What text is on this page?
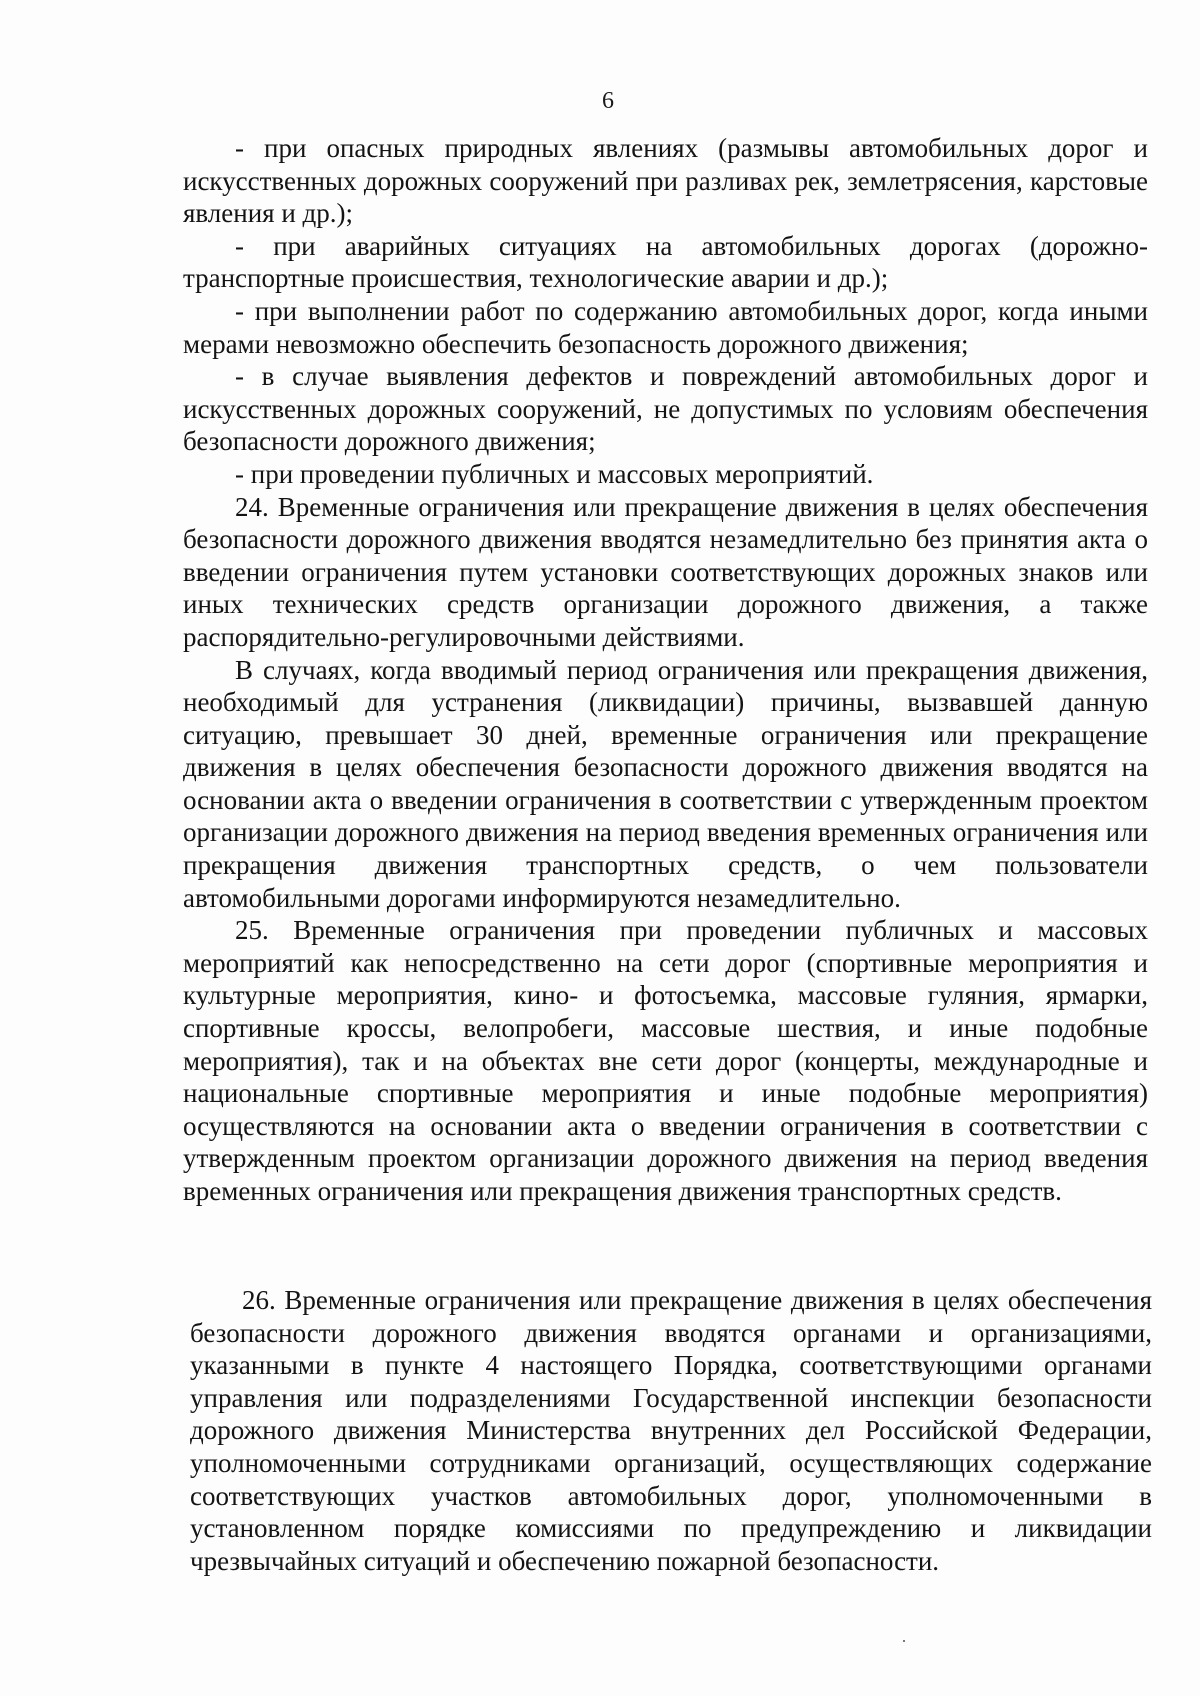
6

- при опасных природных явлениях (размывы автомобильных дорог и искусственных дорожных сооружений при разливах рек, землетрясения, карстовые явления и др.);

- при аварийных ситуациях на автомобильных дорогах (дорожно-транспортные происшествия, технологические аварии и др.);

- при выполнении работ по содержанию автомобильных дорог, когда иными мерами невозможно обеспечить безопасность дорожного движения;

- в случае выявления дефектов и повреждений автомобильных дорог и искусственных дорожных сооружений, не допустимых по условиям обеспечения безопасности дорожного движения;

- при проведении публичных и массовых мероприятий.

24. Временные ограничения или прекращение движения в целях обеспечения безопасности дорожного движения вводятся незамедлительно без принятия акта о введении ограничения путем установки соответствующих дорожных знаков или иных технических средств организации дорожного движения, а также распорядительно-регулировочными действиями.

В случаях, когда вводимый период ограничения или прекращения движения, необходимый для устранения (ликвидации) причины, вызвавшей данную ситуацию, превышает 30 дней, временные ограничения или прекращение движения в целях обеспечения безопасности дорожного движения вводятся на основании акта о введении ограничения в соответствии с утвержденным проектом организации дорожного движения на период введения временных ограничения или прекращения движения транспортных средств, о чем пользователи автомобильными дорогами информируются незамедлительно.

25. Временные ограничения при проведении публичных и массовых мероприятий как непосредственно на сети дорог (спортивные мероприятия и культурные мероприятия, кино- и фотосъемка, массовые гуляния, ярмарки, спортивные кроссы, велопробеги, массовые шествия, и иные подобные мероприятия), так и на объектах вне сети дорог (концерты, международные и национальные спортивные мероприятия и иные подобные мероприятия) осуществляются на основании акта о введении ограничения в соответствии с утвержденным проектом организации дорожного движения на период введения временных ограничения или прекращения движения транспортных средств.

26. Временные ограничения или прекращение движения в целях обеспечения безопасности дорожного движения вводятся органами и организациями, указанными в пункте 4 настоящего Порядка, соответствующими органами управления или подразделениями Государственной инспекции безопасности дорожного движения Министерства внутренних дел Российской Федерации, уполномоченными сотрудниками организаций, осуществляющих содержание соответствующих участков автомобильных дорог, уполномоченными в установленном порядке комиссиями по предупреждению и ликвидации чрезвычайных ситуаций и обеспечению пожарной безопасности.
